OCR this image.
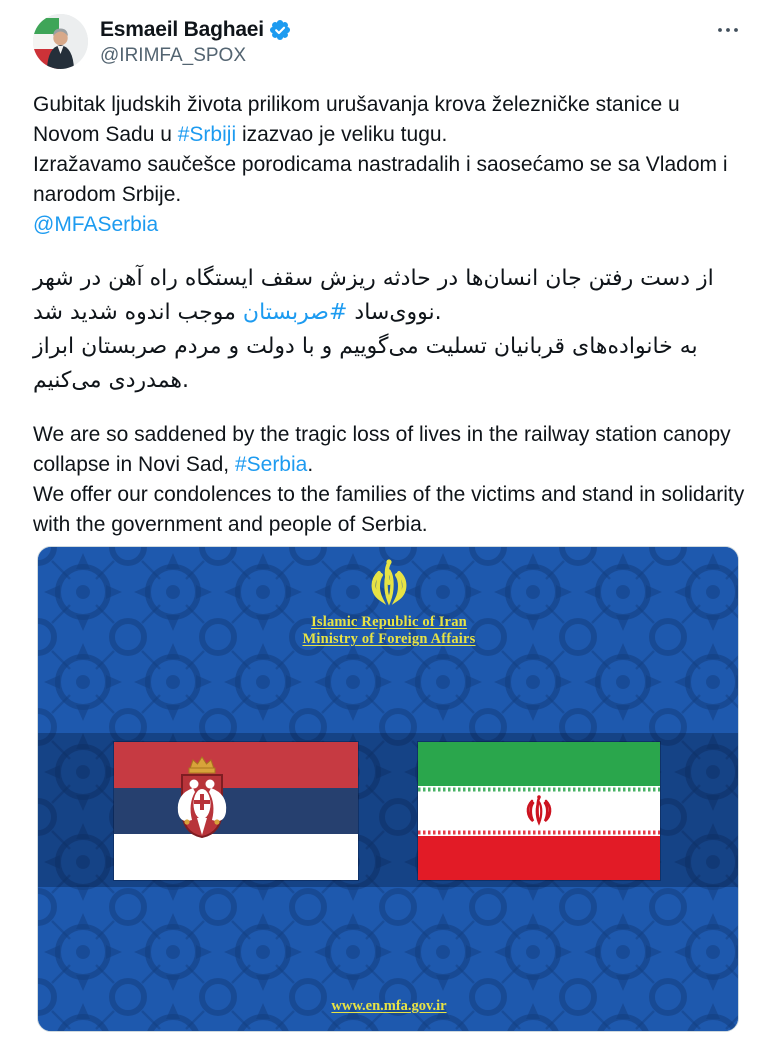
Esmaeil Baghaei
@IRIMFA_SPOX
Gubitak ljudskih života prilikom urušavanja krova železničke stanice u Novom Sadu u #Srbiji izazvao je veliku tugu.
Izražavamo saučešce porodicama nastradalih i saosećamo se sa Vladom i narodom Srbije.
@MFASerbia
از دست رفتن جان انسان‌ها در حادثه ریزش سقف ایستگاه راه آهن در شهر نووی‌ساد #صربستان موجب اندوه شدید شد.
به خانواده‌های قربانیان تسلیت می‌گوییم و با دولت و مردم صربستان ابراز همدردی می‌کنیم.
We are so saddened by the tragic loss of lives in the railway station canopy collapse in Novi Sad, #Serbia.
We offer our condolences to the families of the victims and stand in solidarity with the government and people of Serbia.
Islamic Republic of Iran
Ministry of Foreign Affairs
www.en.mfa.gov.ir
